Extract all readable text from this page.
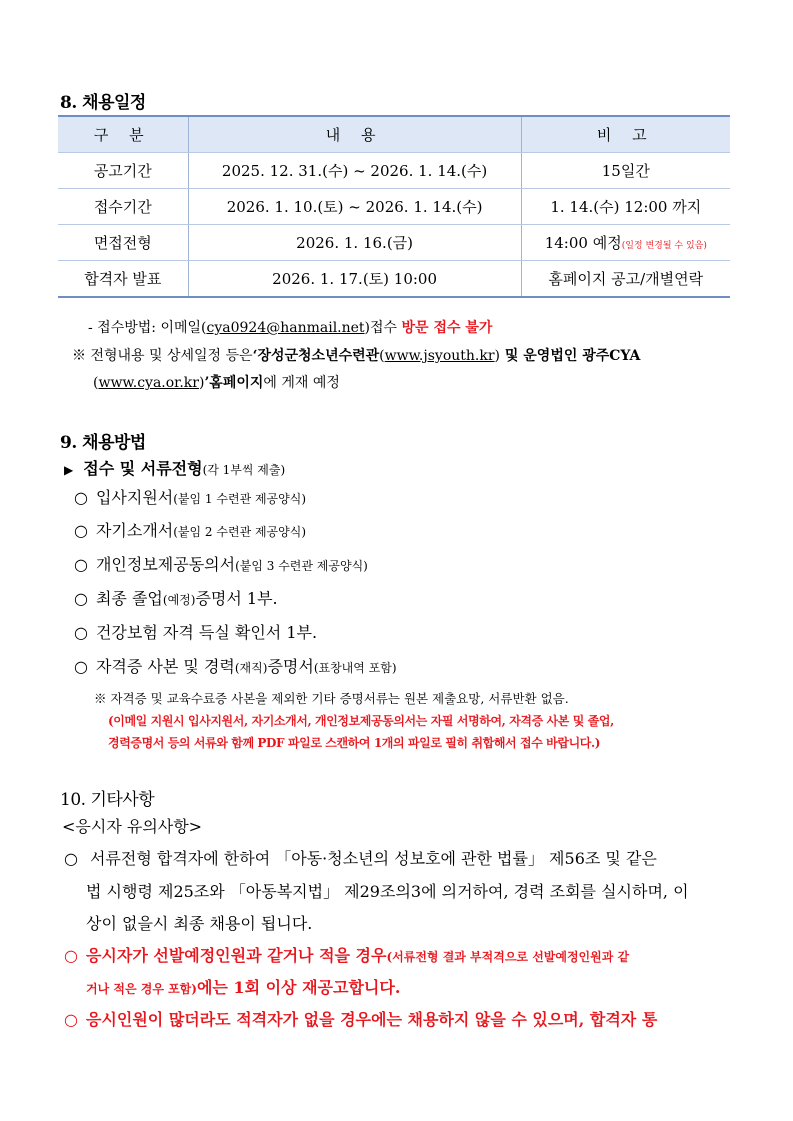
8. 채용일정
구 분	내 용	비 고
공고기간	2025. 12. 31.(수) ~ 2026. 1. 14.(수)	15일간
접수기간	2026. 1. 10.(토) ~ 2026. 1. 14.(수)	1. 14.(수) 12:00 까지
면접전형	2026. 1. 16.(금)	14:00 예정(일정 변경될 수 있음)
합격자 발표	2026. 1. 17.(토) 10:00	홈페이지 공고/개별연락
- 접수방법: 이메일(cya0924@hanmail.net)접수 방문 접수 불가
※ 전형내용 및 상세일정 등은‘장성군청소년수련관(www.jsyouth.kr) 및 운영법인 광주CYA
(www.cya.or.kr)’홈페이지에 게재 예정
9. 채용방법
▶ 접수 및 서류전형(각 1부씩 제출)
○ 입사지원서(붙임 1 수련관 제공양식)
○ 자기소개서(붙임 2 수련관 제공양식)
○ 개인정보제공동의서(붙임 3 수련관 제공양식)
○ 최종 졸업(예정)증명서 1부.
○ 건강보험 자격 득실 확인서 1부.
○ 자격증 사본 및 경력(재직)증명서(표창내역 포함)
※ 자격증 및 교육수료증 사본을 제외한 기타 증명서류는 원본 제출요망, 서류반환 없음.
(이메일 지원시 입사지원서, 자기소개서, 개인정보제공동의서는 자필 서명하여, 자격증 사본 및 졸업,
경력증명서 등의 서류와 함께 PDF 파일로 스캔하여 1개의 파일로 필히 취합해서 접수 바랍니다.)
10. 기타사항
<응시자 유의사항>
○ 서류전형 합격자에 한하여 「아동·청소년의 성보호에 관한 법률」 제56조 및 같은
법 시행령 제25조와 「아동복지법」 제29조의3에 의거하여, 경력 조회를 실시하며, 이
상이 없을시 최종 채용이 됩니다.
○ 응시자가 선발예정인원과 같거나 적을 경우(서류전형 결과 부적격으로 선발예정인원과 같
거나 적은 경우 포함)에는 1회 이상 재공고합니다.
○ 응시인원이 많더라도 적격자가 없을 경우에는 채용하지 않을 수 있으며, 합격자 통
